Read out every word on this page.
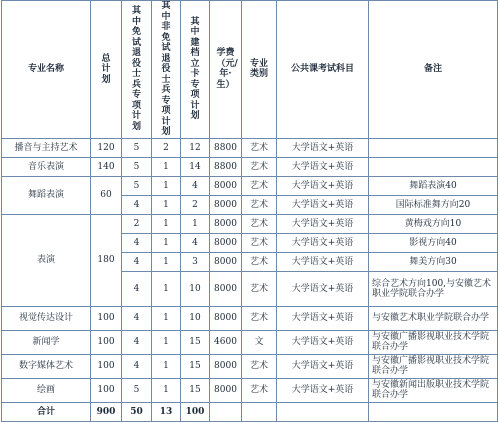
专业名称	总计划	其中免试退役士兵专项计划	其中非免试退役士兵专项计划	其中建档立卡专项计划	学费（元/年·生）	专业类别	公共课考试科目	备注
播音与主持艺术	120	5	2	12	8800	艺术	大学语文+英语	
音乐表演	140	5	1	14	8800	艺术	大学语文+英语	
舞蹈表演	60	5	1	4	8000	艺术	大学语文+英语	舞蹈表演40
		4	1	2	8000	艺术	大学语文+英语	国际标准舞方向20
表演	180	2	1	1	8000	艺术	大学语文+英语	黄梅戏方向10
		4	1	4	8000	艺术	大学语文+英语	影视方向40
		4	1	3	8000	艺术	大学语文+英语	舞美方向30
		4	1	10	8000	艺术	大学语文+英语	综合艺术方向100,与安徽艺术职业学院联合办学
视觉传达设计	100	4	1	10	8000	艺术	大学语文+英语	与安徽艺术职业学院联合办学
新闻学	100	4	1	15	4600	文	大学语文+英语	与安徽广播影视职业技术学院联合办学
数字媒体艺术	100	4	1	15	8000	艺术	大学语文+英语	与安徽广播影视职业技术学院联合办学
绘画	100	5	1	15	8000	艺术	大学语文+英语	与安徽新闻出版职业技术学院联合办学
合计	900	50	13	100				
